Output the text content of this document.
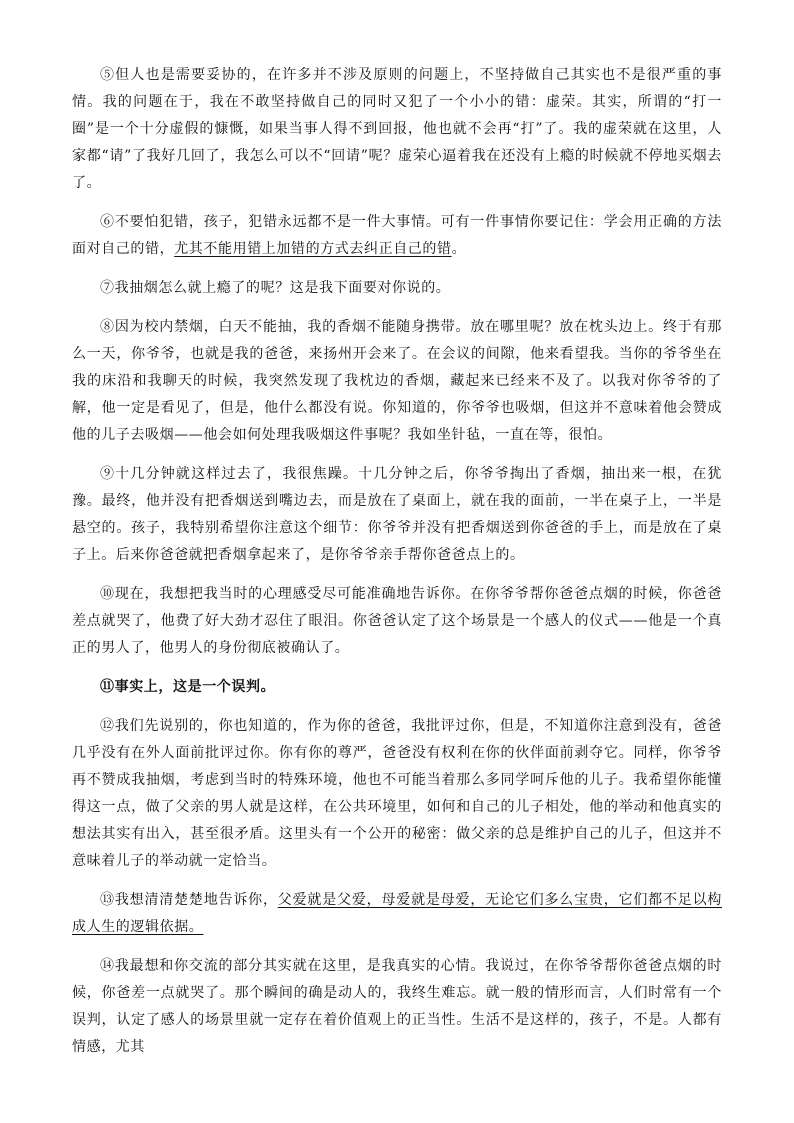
⑤但人也是需要妥协的，在许多并不涉及原则的问题上，不坚持做自己其实也不是很严重的事情。我的问题在于，我在不敢坚持做自己的同时又犯了一个小小的错：虚荣。其实，所谓的“打一圈”是一个十分虚假的慷慨，如果当事人得不到回报，他也就不会再“打”了。我的虚荣就在这里，人家都“请”了我好几回了，我怎么可以不“回请”呢？虚荣心逼着我在还没有上瘾的时候就不停地买烟去了。

⑥不要怕犯错，孩子，犯错永远都不是一件大事情。可有一件事情你要记住：学会用正确的方法面对自己的错，尤其不能用错上加错的方式去纠正自己的错。

⑦我抽烟怎么就上瘾了的呢？这是我下面要对你说的。

⑧因为校内禁烟，白天不能抽，我的香烟不能随身携带。放在哪里呢？放在枕头边上。终于有那么一天，你爷爷，也就是我的爸爸，来扬州开会来了。在会议的间隙，他来看望我。当你的爷爷坐在我的床沿和我聊天的时候，我突然发现了我枕边的香烟，藏起来已经来不及了。以我对你爷爷的了解，他一定是看见了，但是，他什么都没有说。你知道的，你爷爷也吸烟，但这并不意味着他会赞成他的儿子去吸烟——他会如何处理我吸烟这件事呢？我如坐针毡，一直在等，很怕。

⑨十几分钟就这样过去了，我很焦躁。十几分钟之后，你爷爷掏出了香烟，抽出来一根，在犹豫。最终，他并没有把香烟送到嘴边去，而是放在了桌面上，就在我的面前，一半在桌子上，一半是悬空的。孩子，我特别希望你注意这个细节：你爷爷并没有把香烟送到你爸爸的手上，而是放在了桌子上。后来你爸爸就把香烟拿起来了，是你爷爷亲手帮你爸爸点上的。

⑩现在，我想把我当时的心理感受尽可能准确地告诉你。在你爷爷帮你爸爸点烟的时候，你爸爸差点就哭了，他费了好大劲才忍住了眼泪。你爸爸认定了这个场景是一个感人的仪式——他是一个真正的男人了，他男人的身份彻底被确认了。

⑪事实上，这是一个误判。

⑫我们先说别的，你也知道的，作为你的爸爸，我批评过你，但是，不知道你注意到没有，爸爸几乎没有在外人面前批评过你。你有你的尊严，爸爸没有权利在你的伙伴面前剥夺它。同样，你爷爷再不赞成我抽烟，考虑到当时的特殊环境，他也不可能当着那么多同学呵斥他的儿子。我希望你能懂得这一点，做了父亲的男人就是这样，在公共环境里，如何和自己的儿子相处，他的举动和他真实的想法其实有出入，甚至很矛盾。这里头有一个公开的秘密：做父亲的总是维护自己的儿子，但这并不意味着儿子的举动就一定恰当。

⑬我想清清楚楚地告诉你，父爱就是父爱，母爱就是母爱，无论它们多么宝贵，它们都不足以构成人生的逻辑依据。

⑭我最想和你交流的部分其实就在这里，是我真实的心情。我说过，在你爷爷帮你爸爸点烟的时候，你爸差一点就哭了。那个瞬间的确是动人的，我终生难忘。就一般的情形而言，人们时常有一个误判，认定了感人的场景里就一定存在着价值观上的正当性。生活不是这样的，孩子，不是。人都有情感，尤其
